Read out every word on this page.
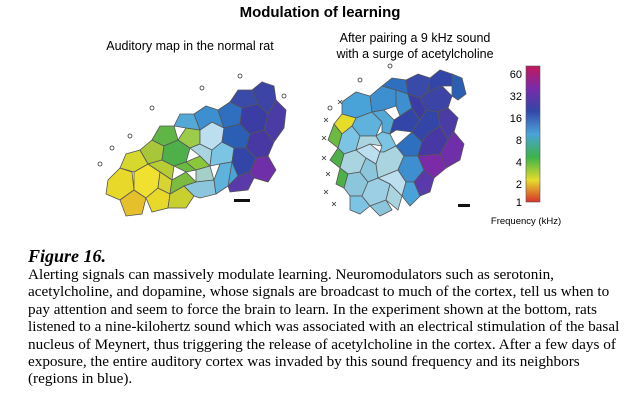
Modulation of learning
Auditory map in the normal rat
After pairing a 9 kHz sound
with a surge of acetylcholine
60
32
16
8
4
2
1
Frequency (kHz)
Figure 16.
Alerting signals can massively modulate learning. Neuromodulators such as serotonin, acetylcholine, and dopamine, whose signals are broadcast to much of the cortex, tell us when to pay attention and seem to force the brain to learn. In the experiment shown at the bottom, rats listened to a nine-kilohertz sound which was associated with an electrical stimulation of the basal nucleus of Meynert, thus triggering the release of acetylcholine in the cortex. After a few days of exposure, the entire auditory cortex was invaded by this sound frequency and its neighbors (regions in blue).
